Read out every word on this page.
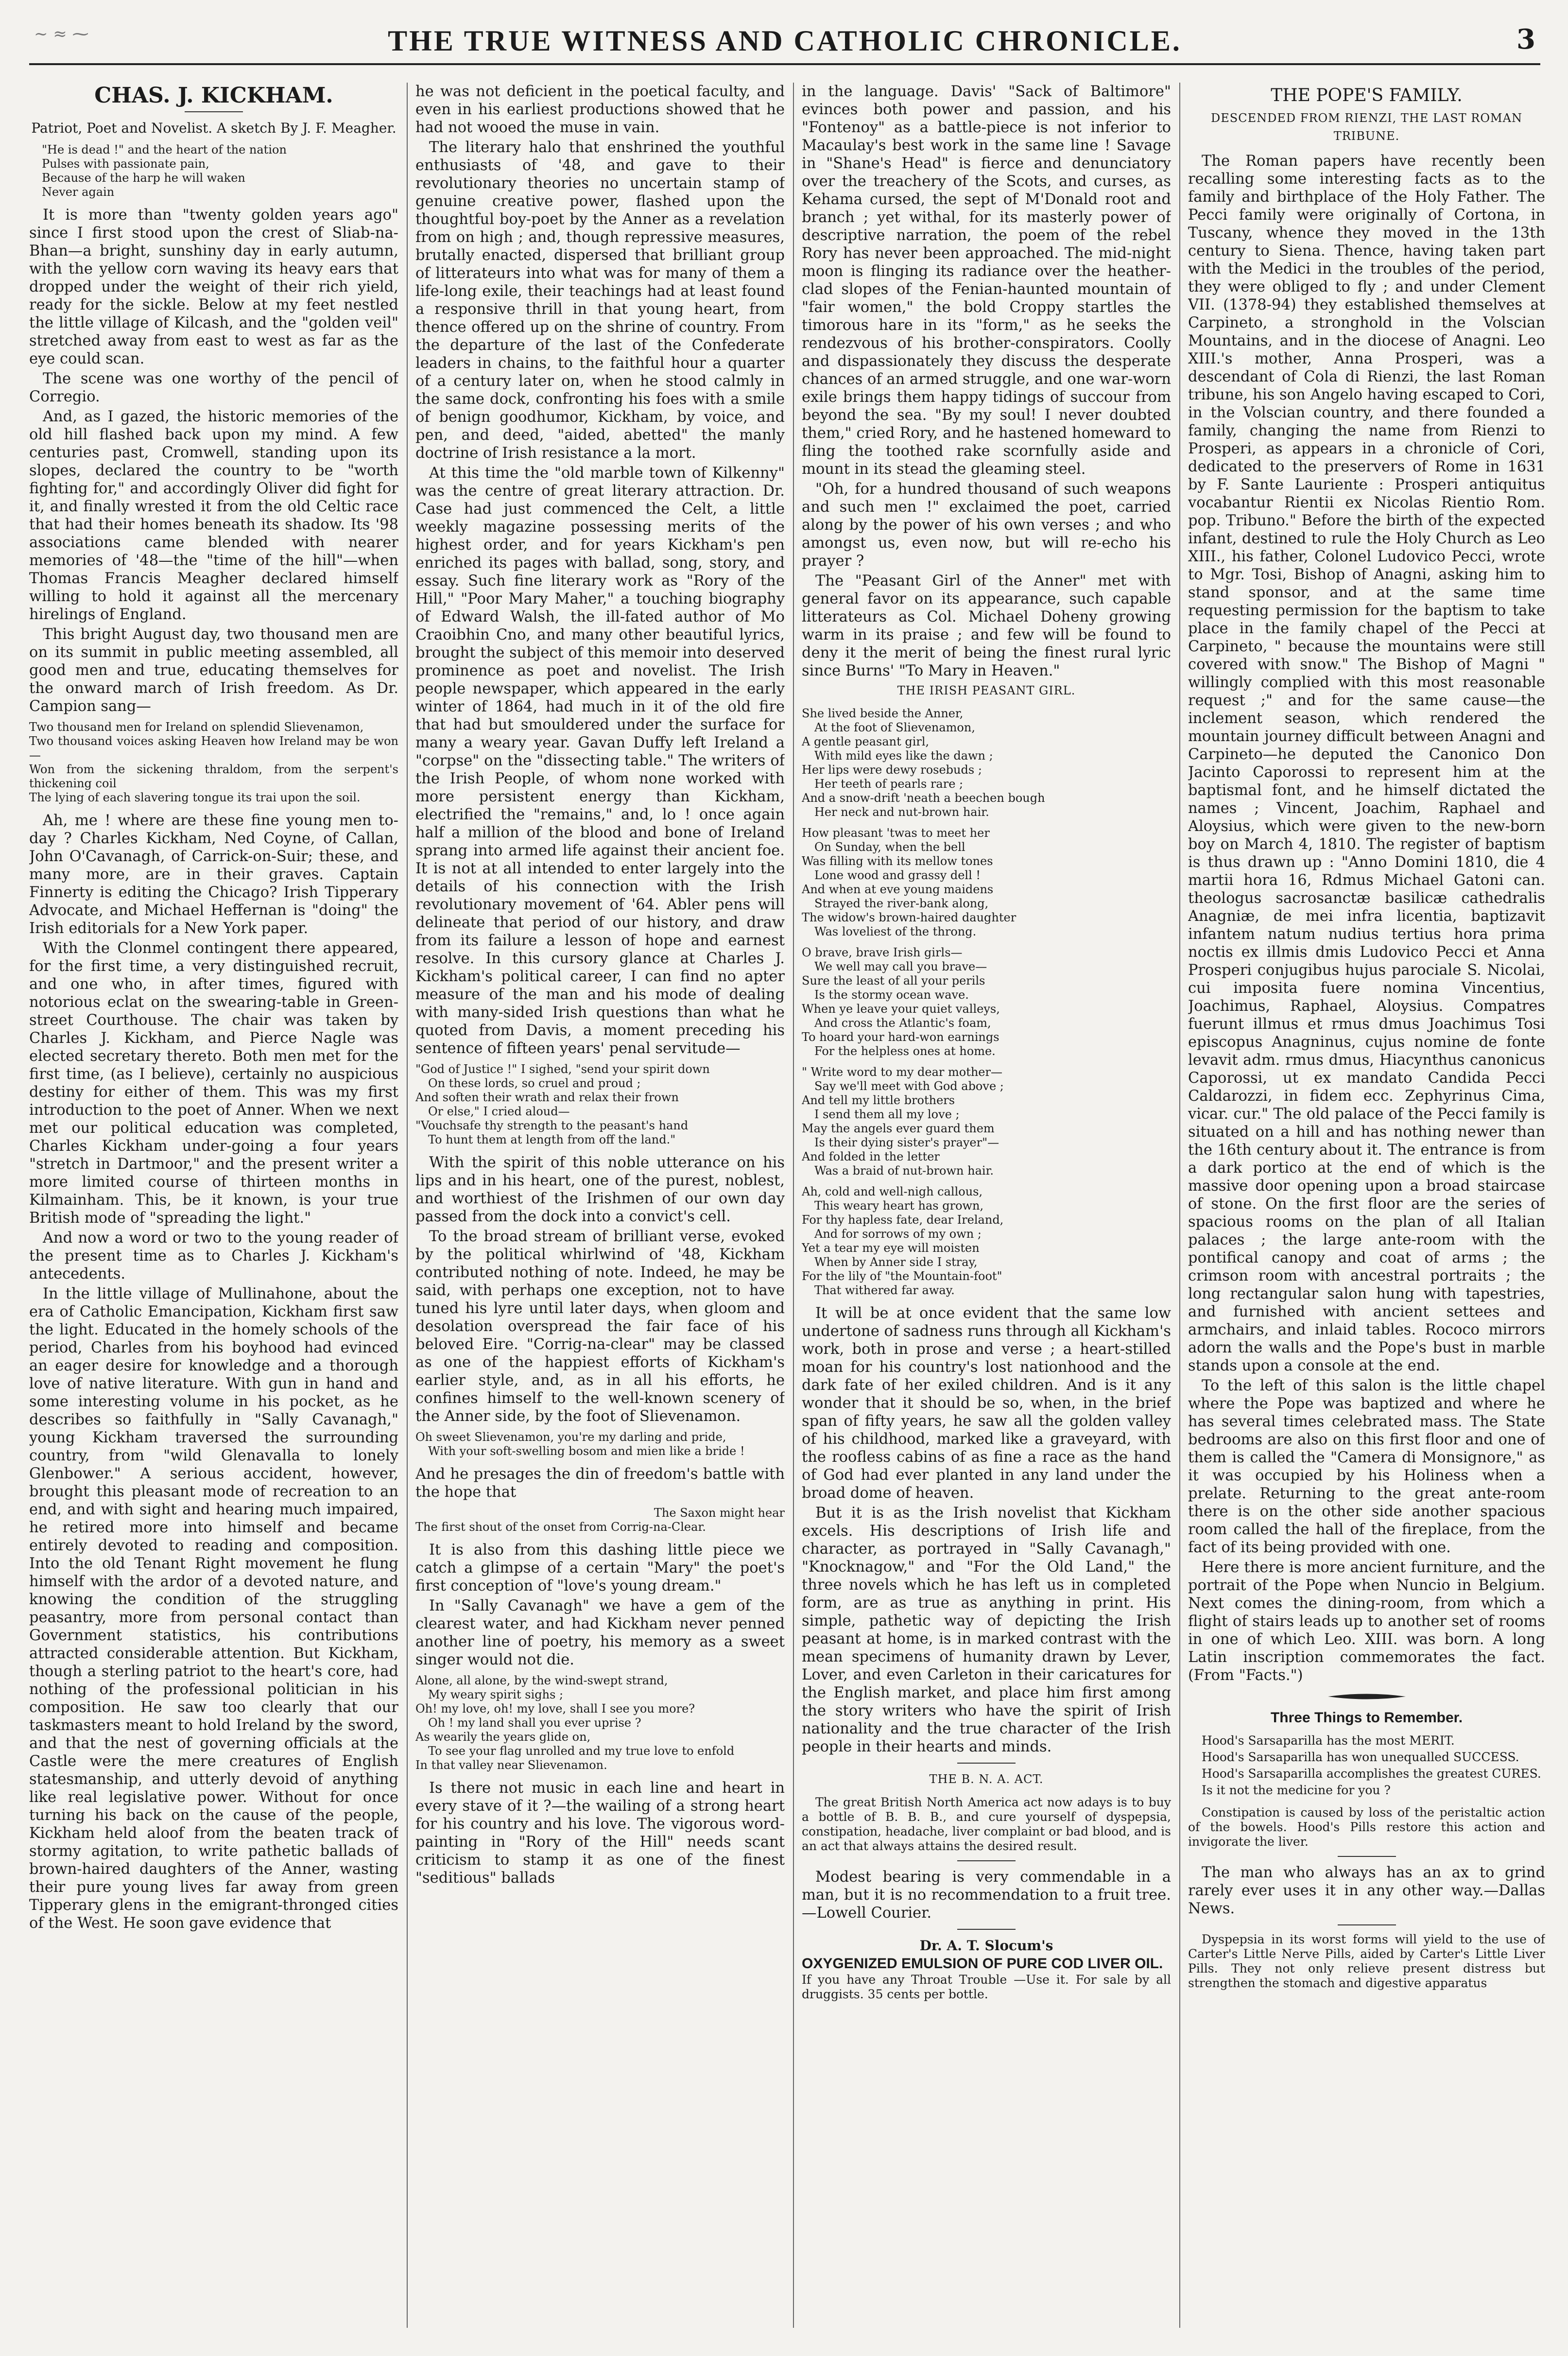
~ ≈ ⁓	THE TRUE WITNESS AND CATHOLIC CHRONICLE.	3
CHAS. J. KICKHAM.
Patriot, Poet and Novelist. A sketch By J. F. Meagher.
"He is dead !" and the heart of the nation
Pulses with passionate pain,
Because of the harp he will waken
Never again

It is more than "twenty golden years ago" since I first stood upon the crest of Sliab-na-Bhan—a bright, sunshiny day in early autumn, with the yellow corn waving its heavy ears that dropped under the weight of their rich yield, ready for the sickle. Below at my feet nestled the little village of Kilcash, and the "golden veil" stretched away from east to west as far as the eye could scan.

The scene was one worthy of the pencil of Corregio.

And, as I gazed, the historic memories of the old hill flashed back upon my mind. A few centuries past, Cromwell, standing upon its slopes, declared the country to be "worth fighting for," and accordingly Oliver did fight for it, and finally wrested it from the old Celtic race that had their homes beneath its shadow. Its '98 associations came blended with nearer memories of '48—the "time of the hill"—when Thomas Francis Meagher declared himself willing to hold it against all the mercenary hirelings of England.

This bright August day, two thousand men are on its summit in public meeting assembled, all good men and true, educating themselves for the onward march of Irish freedom. As Dr. Campion sang—

Two thousand men for Ireland on splendid Slievenamon,
Two thousand voices asking Heaven how Ireland may be won—
Won from the sickening thraldom, from the serpent's thickening coil
The lying of each slavering tongue its trai upon the soil.

Ah, me ! where are these fine young men to-day ? Charles Kickham, Ned Coyne, of Callan, John O'Cavanagh, of Carrick-on-Suir; these, and many more, are in their graves. Captain Finnerty is editing the Chicago? Irish Tipperary Advocate, and Michael Heffernan is "doing" the Irish editorials for a New York paper.

With the Clonmel contingent there appeared, for the first time, a very distinguished recruit, and one who, in after times, figured with notorious eclat on the swearing-table in Green-street Courthouse. The chair was taken by Charles J. Kickham, and Pierce Nagle was elected secretary thereto. Both men met for the first time, (as I believe), certainly no auspicious destiny for either of them. This was my first introduction to the poet of Anner. When we next met our political education was completed, Charles Kickham under-going a four years "stretch in Dartmoor," and the present writer a more limited course of thirteen months in Kilmainham. This, be it known, is your true British mode of "spreading the light."

And now a word or two to the young reader of the present time as to Charles J. Kickham's antecedents.

In the little village of Mullinahone, about the era of Catholic Emancipation, Kickham first saw the light. Educated in the homely schools of the period, Charles from his boyhood had evinced an eager desire for knowledge and a thorough love of native literature. With gun in hand and some interesting volume in his pocket, as he describes so faithfully in "Sally Cavanagh," young Kickham traversed the surrounding country, from "wild Glenavalla to lonely Glenbower." A serious accident, however, brought this pleasant mode of recreation to an end, and with sight and hearing much impaired, he retired more into himself and became entirely devoted to reading and composition. Into the old Tenant Right movement he flung himself with the ardor of a devoted nature, and knowing the condition of the struggling peasantry, more from personal contact than Government statistics, his contributions attracted considerable attention. But Kickham, though a sterling patriot to the heart's core, had nothing of the professional politician in his composition. He saw too clearly that our taskmasters meant to hold Ireland by the sword, and that the nest of governing officials at the Castle were the mere creatures of English statesmanship, and utterly devoid of anything like real legislative power. Without for once turning his back on the cause of the people, Kickham held aloof from the beaten track of stormy agitation, to write pathetic ballads of brown-haired daughters of the Anner, wasting their pure young lives far away from green Tipperary glens in the emigrant-thronged cities of the West. He soon gave evidence that

he was not deficient in the poetical faculty, and even in his earliest productions showed that he had not wooed the muse in vain.

The literary halo that enshrined the youthful enthusiasts of '48, and gave to their revolutionary theories no uncertain stamp of genuine creative power, flashed upon the thoughtful boy-poet by the Anner as a revelation from on high ; and, though repressive measures, brutally enacted, dispersed that brilliant group of litterateurs into what was for many of them a life-long exile, their teachings had at least found a responsive thrill in that young heart, from thence offered up on the shrine of country. From the departure of the last of the Confederate leaders in chains, to the faithful hour a quarter of a century later on, when he stood calmly in the same dock, confronting his foes with a smile of benign goodhumor, Kickham, by voice, and pen, and deed, "aided, abetted" the manly doctrine of Irish resistance a la mort.

At this time the "old marble town of Kilkenny" was the centre of great literary attraction. Dr. Case had just commenced the Celt, a little weekly magazine possessing merits of the highest order, and for years Kickham's pen enriched its pages with ballad, song, story, and essay. Such fine literary work as "Rory of the Hill," "Poor Mary Maher," a touching biography of Edward Walsh, the ill-fated author of Mo Craoibhin Cno, and many other beautiful lyrics, brought the subject of this memoir into deserved prominence as poet and novelist. The Irish people newspaper, which appeared in the early winter of 1864, had much in it of the old fire that had but smouldered under the surface for many a weary year. Gavan Duffy left Ireland a "corpse" on the "dissecting table." The writers of the Irish People, of whom none worked with more persistent energy than Kickham, electrified the "remains," and, lo ! once again half a million of the blood and bone of Ireland sprang into armed life against their ancient foe. It is not at all intended to enter largely into the details of his connection with the Irish revolutionary movement of '64. Abler pens will delineate that period of our history, and draw from its failure a lesson of hope and earnest resolve. In this cursory glance at Charles J. Kickham's political career, I can find no apter measure of the man and his mode of dealing with many-sided Irish questions than what he quoted from Davis, a moment preceding his sentence of fifteen years' penal servitude—

"God of Justice !" I sighed, "send your spirit down
On these lords, so cruel and proud ;
And soften their wrath and relax their frown
Or else," I cried aloud—
"Vouchsafe thy strength to the peasant's hand
To hunt them at length from off the land."

With the spirit of this noble utterance on his lips and in his heart, one of the purest, noblest, and worthiest of the Irishmen of our own day passed from the dock into a convict's cell.

To the broad stream of brilliant verse, evoked by the political whirlwind of '48, Kickham contributed nothing of note. Indeed, he may be said, with perhaps one exception, not to have tuned his lyre until later days, when gloom and desolation overspread the fair face of his beloved Eire. "Corrig-na-clear" may be classed as one of the happiest efforts of Kickham's earlier style, and, as in all his efforts, he confines himself to the well-known scenery of the Anner side, by the foot of Slievenamon.

Oh sweet Slievenamon, you're my darling and pride,
With your soft-swelling bosom and mien like a bride !

And he presages the din of freedom's battle with the hope that

The Saxon might hear
The first shout of the onset from Corrig-na-Clear.

It is also from this dashing little piece we catch a glimpse of a certain "Mary" the poet's first conception of "love's young dream."

In "Sally Cavanagh" we have a gem of the clearest water, and had Kickham never penned another line of poetry, his memory as a sweet singer would not die.

Alone, all alone, by the wind-swept strand,
My weary spirit sighs ;
Oh! my love, oh! my love, shall I see you more?
Oh ! my land shall you ever uprise ?
As wearily the years glide on,
To see your flag unrolled and my true love to enfold
In that valley near Slievenamon.

Is there not music in each line and heart in every stave of it ?—the wailing of a strong heart for his country and his love. The vigorous word-painting in "Rory of the Hill" needs scant criticism to stamp it as one of the finest "seditious" ballads

in the language. Davis' "Sack of Baltimore" evinces both power and passion, and his "Fontenoy" as a battle-piece is not inferior to Macaulay's best work in the same line ! Savage in "Shane's Head" is fierce and denunciatory over the treachery of the Scots, and curses, as Kehama cursed, the sept of M'Donald root and branch ; yet withal, for its masterly power of descriptive narration, the poem of the rebel Rory has never been approached. The mid-night moon is flinging its radiance over the heather-clad slopes of the Fenian-haunted mountain of "fair women," the bold Croppy startles the timorous hare in its "form," as he seeks the rendezvous of his brother-conspirators. Coolly and dispassionately they discuss the desperate chances of an armed struggle, and one war-worn exile brings them happy tidings of succour from beyond the sea. "By my soul! I never doubted them," cried Rory, and he hastened homeward to fling the toothed rake scornfully aside and mount in its stead the gleaming steel.

"Oh, for a hundred thousand of such weapons and such men !" exclaimed the poet, carried along by the power of his own verses ; and who amongst us, even now, but will re-echo his prayer ?

The "Peasant Girl of the Anner" met with general favor on its appearance, such capable litterateurs as Col. Michael Doheny growing warm in its praise ; and few will be found to deny it the merit of being the finest rural lyric since Burns' "To Mary in Heaven."

THE IRISH PEASANT GIRL.
She lived beside the Anner,
At the foot of Slievenamon,
A gentle peasant girl,
With mild eyes like the dawn ;
Her lips were dewy rosebuds ;
Her teeth of pearls rare ;
And a snow-drift 'neath a beechen bough
Her neck and nut-brown hair.
How pleasant 'twas to meet her
On Sunday, when the bell
Was filling with its mellow tones
Lone wood and grassy dell !
And when at eve young maidens
Strayed the river-bank along,
The widow's brown-haired daughter
Was loveliest of the throng.
O brave, brave Irish girls—
We well may call you brave—
Sure the least of all your perils
Is the stormy ocean wave.
When ye leave your quiet valleys,
And cross the Atlantic's foam,
To hoard your hard-won earnings
For the helpless ones at home.
" Write word to my dear mother—
Say we'll meet with God above ;
And tell my little brothers
I send them all my love ;
May the angels ever guard them
Is their dying sister's prayer"—
And folded in the letter
Was a braid of nut-brown hair.
Ah, cold and well-nigh callous,
This weary heart has grown,
For thy hapless fate, dear Ireland,
And for sorrows of my own ;
Yet a tear my eye will moisten
When by Anner side I stray,
For the lily of "the Mountain-foot"
That withered far away.

It will be at once evident that the same low undertone of sadness runs through all Kickham's work, both in prose and verse ; a heart-stilled moan for his country's lost nationhood and the dark fate of her exiled children. And is it any wonder that it should be so, when, in the brief span of fifty years, he saw all the golden valley of his childhood, marked like a graveyard, with the roofless cabins of as fine a race as the hand of God had ever planted in any land under the broad dome of heaven.

But it is as the Irish novelist that Kickham excels. His descriptions of Irish life and character, as portrayed in "Sally Cavanagh," "Knocknagow," and "For the Old Land," the three novels which he has left us in completed form, are as true as anything in print. His simple, pathetic way of depicting the Irish peasant at home, is in marked contrast with the mean specimens of humanity drawn by Lever, Lover, and even Carleton in their caricatures for the English market, and place him first among the story writers who have the spirit of Irish nationality and the true character of the Irish people in their hearts and minds.

THE B. N. A. ACT.

The great British North America act now adays is to buy a bottle of B. B. B., and cure yourself of dyspepsia, constipation, headache, liver complaint or bad blood, and is an act that always attains the desired result.

Modest bearing is very commendable in a man, but it is no recommendation to a fruit tree.—Lowell Courier.

Dr. A. T. Slocum's
OXYGENIZED EMULSION OF PURE COD LIVER OIL.

If you have any Throat Trouble —Use it. For sale by all druggists. 35 cents per bottle.

THE POPE'S FAMILY.
DESCENDED FROM RIENZI, THE LAST ROMAN TRIBUNE.

The Roman papers have recently been recalling some interesting facts as to the family and birthplace of the Holy Father. The Pecci family were originally of Cortona, in Tuscany, whence they moved in the 13th century to Siena. Thence, having taken part with the Medici in the troubles of the period, they were obliged to fly ; and under Clement VII. (1378-94) they established themselves at Carpineto, a stronghold in the Volscian Mountains, and in the diocese of Anagni. Leo XIII.'s mother, Anna Prosperi, was a descendant of Cola di Rienzi, the last Roman tribune, his son Angelo having escaped to Cori, in the Volscian country, and there founded a family, changing the name from Rienzi to Prosperi, as appears in a chronicle of Cori, dedicated to the preservers of Rome in 1631 by F. Sante Lauriente : Prosperi antiquitus vocabantur Rientii ex Nicolas Rientio Rom. pop. Tribuno." Before the birth of the expected infant, destined to rule the Holy Church as Leo XIII., his father, Colonel Ludovico Pecci, wrote to Mgr. Tosi, Bishop of Anagni, asking him to stand sponsor, and at the same time requesting permission for the baptism to take place in the family chapel of the Pecci at Carpineto, " because the mountains were still covered with snow." The Bishop of Magni " willingly complied with this most reasonable request ;" and for the same cause—the inclement season, which rendered the mountain journey difficult between Anagni and Carpineto—he deputed the Canonico Don Jacinto Caporossi to represent him at the baptismal font, and he himself dictated the names ; Vincent, Joachim, Raphael and Aloysius, which were given to the new-born boy on March 4, 1810. The register of baptism is thus drawn up : "Anno Domini 1810, die 4 martii hora 16, Rdmus Michael Gatoni can. theologus sacrosanctæ basilicæ cathedralis Anagniæ, de mei infra licentia, baptizavit infantem natum nudius tertius hora prima noctis ex illmis dmis Ludovico Pecci et Anna Prosperi conjugibus hujus parociale S. Nicolai, cui imposita fuere nomina Vincentius, Joachimus, Raphael, Aloysius. Compatres fuerunt illmus et rmus dmus Joachimus Tosi episcopus Anagninus, cujus nomine de fonte levavit adm. rmus dmus, Hiacynthus canonicus Caporossi, ut ex mandato Candida Pecci Caldarozzi, in fidem ecc. Zephyrinus Cima, vicar. cur." The old palace of the Pecci family is situated on a hill and has nothing newer than the 16th century about it. The entrance is from a dark portico at the end of which is the massive door opening upon a broad staircase of stone. On the first floor are the series of spacious rooms on the plan of all Italian palaces ; the large ante-room with the pontifical canopy and coat of arms ; the crimson room with ancestral portraits ; the long rectangular salon hung with tapestries, and furnished with ancient settees and armchairs, and inlaid tables. Rococo mirrors adorn the walls and the Pope's bust in marble stands upon a console at the end.

To the left of this salon is the little chapel where the Pope was baptized and where he has several times celebrated mass. The State bedrooms are also on this first floor and one of them is called the "Camera di Monsignore," as it was occupied by his Holiness when a prelate. Returning to the great ante-room there is on the other side another spacious room called the hall of the fireplace, from the fact of its being provided with one.

Here there is more ancient furniture, and the portrait of the Pope when Nuncio in Belgium. Next comes the dining-room, from which a flight of stairs leads up to another set of rooms in one of which Leo. XIII. was born. A long Latin inscription commemorates the fact. (From "Facts.")

Three Things to Remember.

Hood's Sarsaparilla has the most MERIT.

Hood's Sarsaparilla has won unequalled SUCCESS.

Hood's Sarsaparilla accomplishes the greatest CURES.

Is it not the medicine for you ?

Constipation is caused by loss of the peristaltic action of the bowels. Hood's Pills restore this action and invigorate the liver.

The man who always has an ax to grind rarely ever uses it in any other way.—Dallas News.

Dyspepsia in its worst forms will yield to the use of Carter's Little Nerve Pills, aided by Carter's Little Liver Pills. They not only relieve present distress but strengthen the stomach and digestive apparatus
